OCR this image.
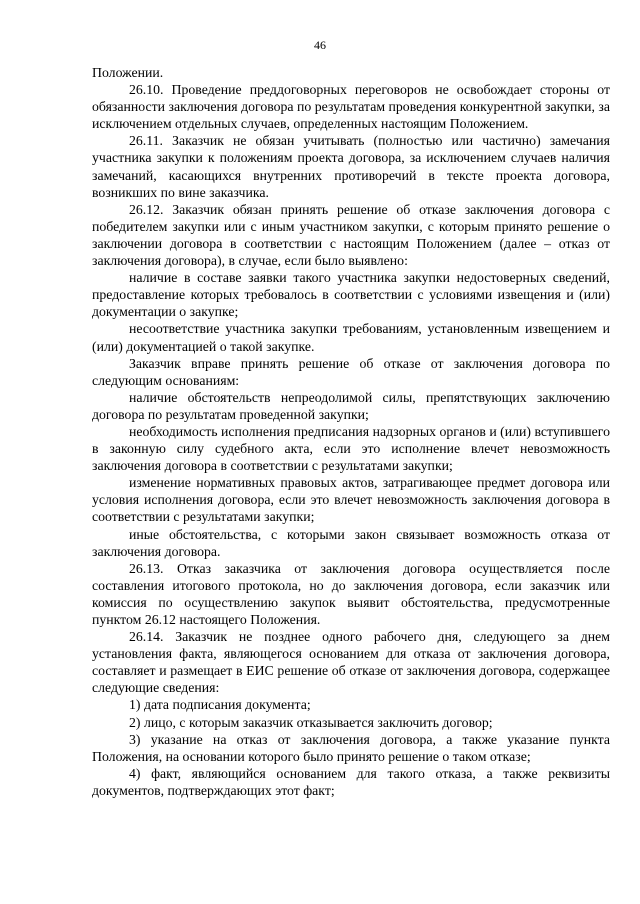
46

Положении.

26.10. Проведение преддоговорных переговоров не освобождает стороны от обязанности заключения договора по результатам проведения конкурентной закупки, за исключением отдельных случаев, определенных настоящим Положением.

26.11. Заказчик не обязан учитывать (полностью или частично) замечания участника закупки к положениям проекта договора, за исключением случаев наличия замечаний, касающихся внутренних противоречий в тексте проекта договора, возникших по вине заказчика.

26.12. Заказчик обязан принять решение об отказе заключения договора с победителем закупки или с иным участником закупки, с которым принято решение о заключении договора в соответствии с настоящим Положением (далее – отказ от заключения договора), в случае, если было выявлено:

наличие в составе заявки такого участника закупки недостоверных сведений, предоставление которых требовалось в соответствии с условиями извещения и (или) документации о закупке;

несоответствие участника закупки требованиям, установленным извещением и (или) документацией о такой закупке.

Заказчик вправе принять решение об отказе от заключения договора по следующим основаниям:

наличие обстоятельств непреодолимой силы, препятствующих заключению договора по результатам проведенной закупки;

необходимость исполнения предписания надзорных органов и (или) вступившего в законную силу судебного акта, если это исполнение влечет невозможность заключения договора в соответствии с результатами закупки;

изменение нормативных правовых актов, затрагивающее предмет договора или условия исполнения договора, если это влечет невозможность заключения договора в соответствии с результатами закупки;

иные обстоятельства, с которыми закон связывает возможность отказа от заключения договора.

26.13. Отказ заказчика от заключения договора осуществляется после составления итогового протокола, но до заключения договора, если заказчик или комиссия по осуществлению закупок выявит обстоятельства, предусмотренные пунктом 26.12 настоящего Положения.

26.14. Заказчик не позднее одного рабочего дня, следующего за днем установления факта, являющегося основанием для отказа от заключения договора, составляет и размещает в ЕИС решение об отказе от заключения договора, содержащее следующие сведения:

1) дата подписания документа;

2) лицо, с которым заказчик отказывается заключить договор;

3) указание на отказ от заключения договора, а также указание пункта Положения, на основании которого было принято решение о таком отказе;

4) факт, являющийся основанием для такого отказа, а также реквизиты документов, подтверждающих этот факт;
